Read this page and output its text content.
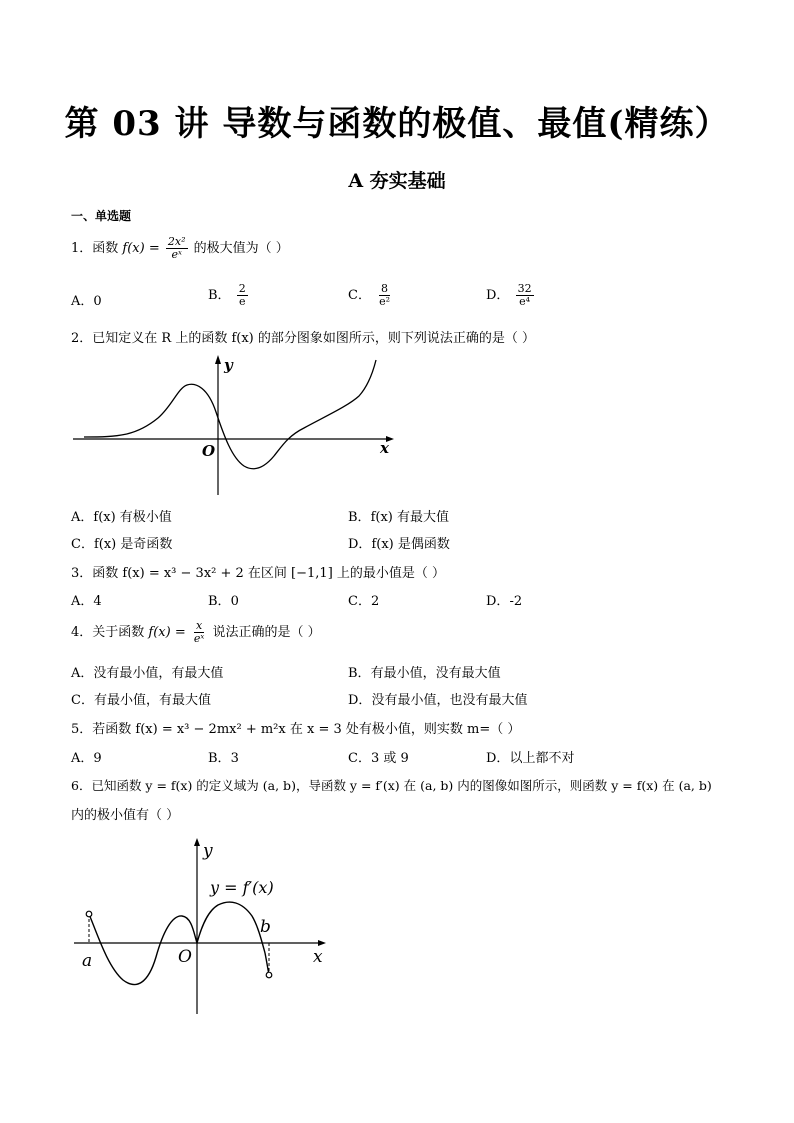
第 03 讲 导数与函数的极值、最值(精练）
A 夯实基础
一、单选题
1．函数 $f(x) = \frac{\text{2x²}}{\text{eˣ}}$ 的极大值为（ ）
A．0	B． $\frac{2}{e}$	C． $\frac{8}{\text{e²}}$	D． $\frac{32}{\text{e⁴}}$
2．已知定义在 R 上的函数 f(x) 的部分图象如图所示，则下列说法正确的是（ ）
y
x
O
A．f(x) 有极小值	B．f(x) 有最大值
C．f(x) 是奇函数	D．f(x) 是偶函数
3．函数 f(x) = x³ − 3x² + 2 在区间 [−1,1] 上的最小值是（ ）
A．4	B．0	C．2	D．-2
4．关于函数 $f(x) = \frac{x}{\text{eˣ}}$ 说法正确的是（ ）
A．没有最小值，有最大值	B．有最小值，没有最大值
C．有最小值，有最大值	D．没有最小值，也没有最大值
5．若函数 f(x) = x³ − 2mx² + m²x 在 x = 3 处有极小值，则实数 m=（ ）
A．9	B．3	C．3 或 9	D．以上都不对
6．已知函数 y = f(x) 的定义域为 (a, b)，导函数 y = f′(x) 在 (a, b) 内的图像如图所示，则函数 y = f(x) 在 (a, b)
内的极小值有（ ）
y
x
O
a
b
y = f′(x)
